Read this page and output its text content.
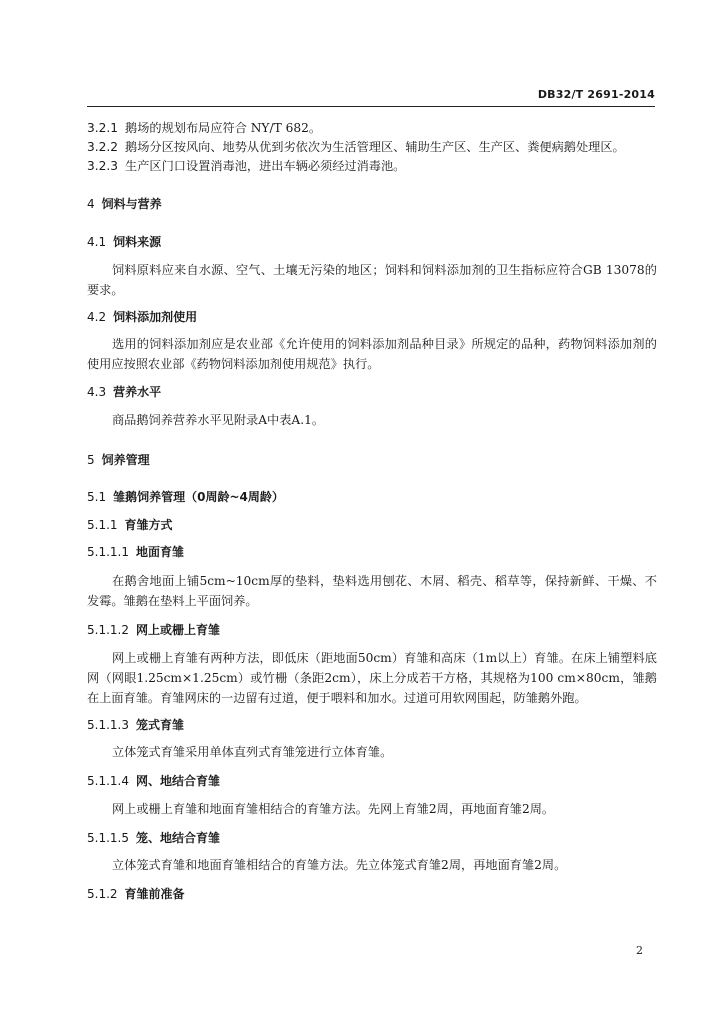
DB32/T 2691-2014
3.2.1 鹅场的规划布局应符合 NY/T 682。
3.2.2 鹅场分区按风向、地势从优到劣依次为生活管理区、辅助生产区、生产区、粪便病鹅处理区。
3.2.3 生产区门口设置消毒池，进出车辆必须经过消毒池。
4 饲料与营养
4.1 饲料来源
饲料原料应来自水源、空气、土壤无污染的地区；饲料和饲料添加剂的卫生指标应符合GB 13078的要求。
4.2 饲料添加剂使用
选用的饲料添加剂应是农业部《允许使用的饲料添加剂品种目录》所规定的品种，药物饲料添加剂的使用应按照农业部《药物饲料添加剂使用规范》执行。
4.3 营养水平
商品鹅饲养营养水平见附录A中表A.1。
5 饲养管理
5.1 雏鹅饲养管理（0周龄~4周龄）
5.1.1 育雏方式
5.1.1.1 地面育雏
在鹅舍地面上铺5cm~10cm厚的垫料，垫料选用刨花、木屑、稻壳、稻草等，保持新鲜、干燥、不发霉。雏鹅在垫料上平面饲养。
5.1.1.2 网上或栅上育雏
网上或栅上育雏有两种方法，即低床（距地面50cm）育雏和高床（1m以上）育雏。在床上铺塑料底网（网眼1.25cm×1.25cm）或竹栅（条距2cm），床上分成若干方格，其规格为100 cm×80cm，雏鹅在上面育雏。育雏网床的一边留有过道，便于喂料和加水。过道可用软网围起，防雏鹅外跑。
5.1.1.3 笼式育雏
立体笼式育雏采用单体直列式育雏笼进行立体育雏。
5.1.1.4 网、地结合育雏
网上或栅上育雏和地面育雏相结合的育雏方法。先网上育雏2周，再地面育雏2周。
5.1.1.5 笼、地结合育雏
立体笼式育雏和地面育雏相结合的育雏方法。先立体笼式育雏2周，再地面育雏2周。
5.1.2 育雏前准备
2
